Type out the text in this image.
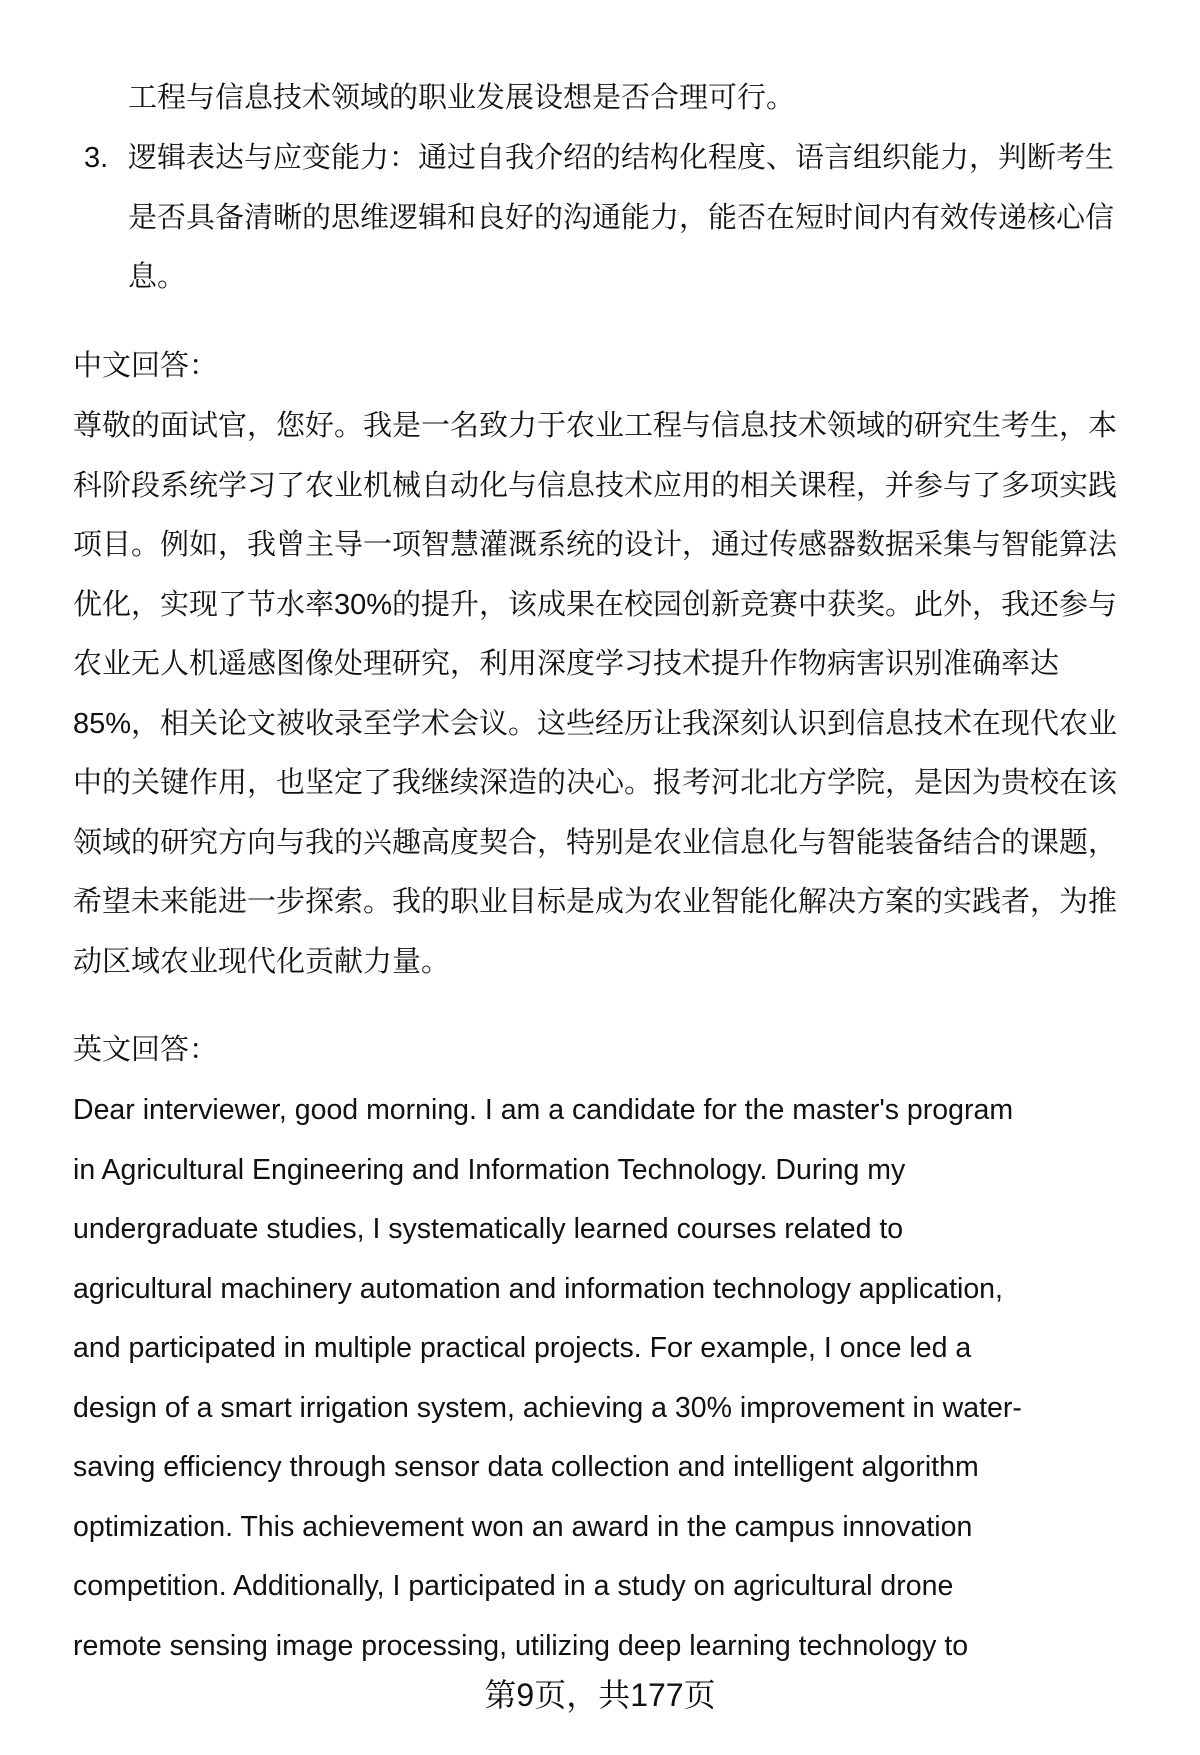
工程与信息技术领域的职业发展设想是否合理可行。
3. 逻辑表达与应变能力：通过自我介绍的结构化程度、语言组织能力，判断考生
是否具备清晰的思维逻辑和良好的沟通能力，能否在短时间内有效传递核心信
息。
中文回答：
尊敬的面试官，您好。我是一名致力于农业工程与信息技术领域的研究生考生，本
科阶段系统学习了农业机械自动化与信息技术应用的相关课程，并参与了多项实践
项目。例如，我曾主导一项智慧灌溉系统的设计，通过传感器数据采集与智能算法
优化，实现了节水率30%的提升，该成果在校园创新竞赛中获奖。此外，我还参与
农业无人机遥感图像处理研究，利用深度学习技术提升作物病害识别准确率达
85%，相关论文被收录至学术会议。这些经历让我深刻认识到信息技术在现代农业
中的关键作用，也坚定了我继续深造的决心。报考河北北方学院，是因为贵校在该
领域的研究方向与我的兴趣高度契合，特别是农业信息化与智能装备结合的课题，
希望未来能进一步探索。我的职业目标是成为农业智能化解决方案的实践者，为推
动区域农业现代化贡献力量。
英文回答：
Dear interviewer, good morning. I am a candidate for the master's program
in Agricultural Engineering and Information Technology. During my
undergraduate studies, I systematically learned courses related to
agricultural machinery automation and information technology application,
and participated in multiple practical projects. For example, I once led a
design of a smart irrigation system, achieving a 30% improvement in water-
saving efficiency through sensor data collection and intelligent algorithm
optimization. This achievement won an award in the campus innovation
competition. Additionally, I participated in a study on agricultural drone
remote sensing image processing, utilizing deep learning technology to
第9页，共177页
